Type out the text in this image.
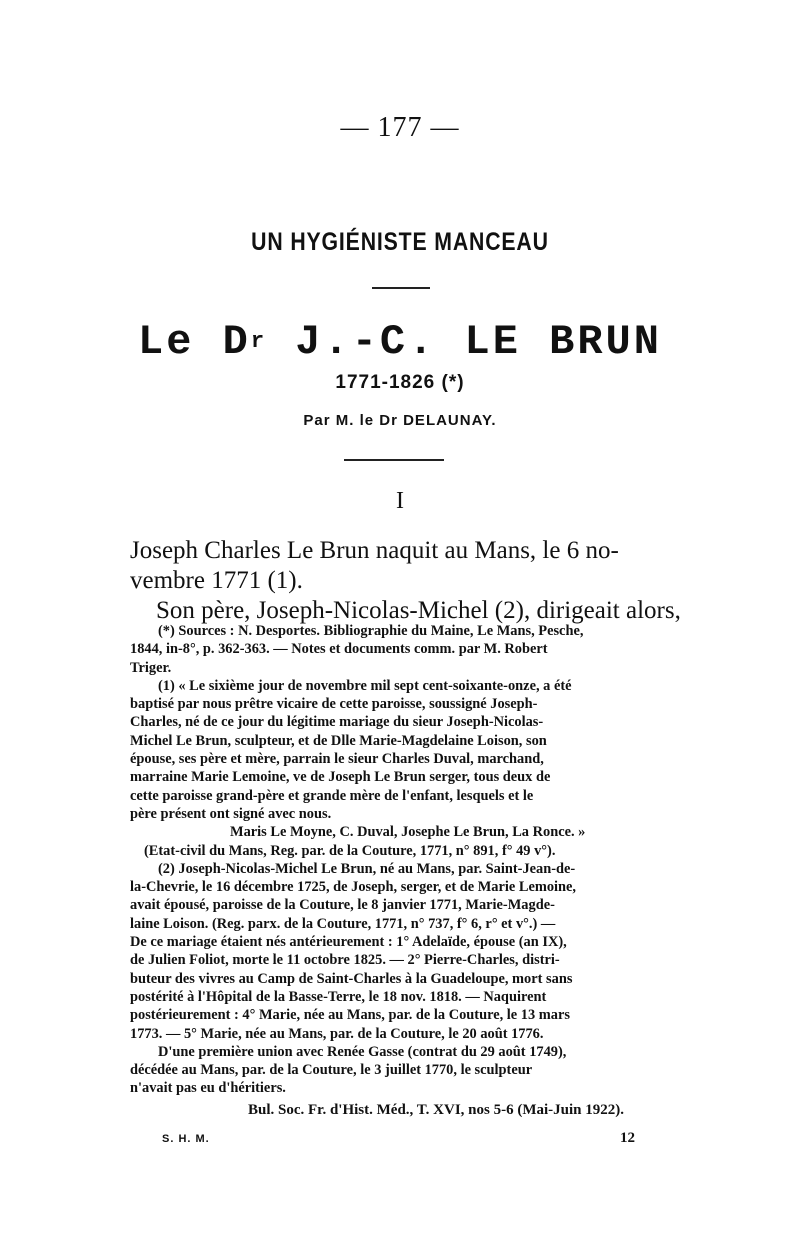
— 177 —
UN HYGIÉNISTE MANCEAU
Le $D^r$ J.-C. LE BRUN
1771-1826 (*)
Par M. le Dr DELAUNAY.
I
Joseph Charles Le Brun naquit au Mans, le 6 no-
vembre 1771 (1).
Son père, Joseph-Nicolas-Michel (2), dirigeait alors,
(*) Sources : N. Desportes. Bibliographie du Maine, Le Mans, Pesche,
1844, in-8°, p. 362-363. — Notes et documents comm. par M. Robert
Triger.
(1) « Le sixième jour de novembre mil sept cent-soixante-onze, a été
baptisé par nous prêtre vicaire de cette paroisse, soussigné Joseph-
Charles, né de ce jour du légitime mariage du sieur Joseph-Nicolas-
Michel Le Brun, sculpteur, et de Dlle Marie-Magdelaine Loison, son
épouse, ses père et mère, parrain le sieur Charles Duval, marchand,
marraine Marie Lemoine, ve de Joseph Le Brun serger, tous deux de
cette paroisse grand-père et grande mère de l'enfant, lesquels et le
père présent ont signé avec nous.
Maris Le Moyne, C. Duval, Josephe Le Brun, La Ronce. »
(Etat-civil du Mans, Reg. par. de la Couture, 1771, n° 891, f° 49 v°).
(2) Joseph-Nicolas-Michel Le Brun, né au Mans, par. Saint-Jean-de-
la-Chevrie, le 16 décembre 1725, de Joseph, serger, et de Marie Lemoine,
avait épousé, paroisse de la Couture, le 8 janvier 1771, Marie-Magde-
laine Loison. (Reg. parx. de la Couture, 1771, n° 737, f° 6, r° et v°.) —
De ce mariage étaient nés antérieurement : 1° Adelaïde, épouse (an IX),
de Julien Foliot, morte le 11 octobre 1825. — 2° Pierre-Charles, distri-
buteur des vivres au Camp de Saint-Charles à la Guadeloupe, mort sans
postérité à l'Hôpital de la Basse-Terre, le 18 nov. 1818. — Naquirent
postérieurement : 4° Marie, née au Mans, par. de la Couture, le 13 mars
1773. — 5° Marie, née au Mans, par. de la Couture, le 20 août 1776.
D'une première union avec Renée Gasse (contrat du 29 août 1749),
décédée au Mans, par. de la Couture, le 3 juillet 1770, le sculpteur
n'avait pas eu d'héritiers.
Bul. Soc. Fr. d'Hist. Méd., T. XVI, nos 5-6 (Mai-Juin 1922).
S. H. M.	12
